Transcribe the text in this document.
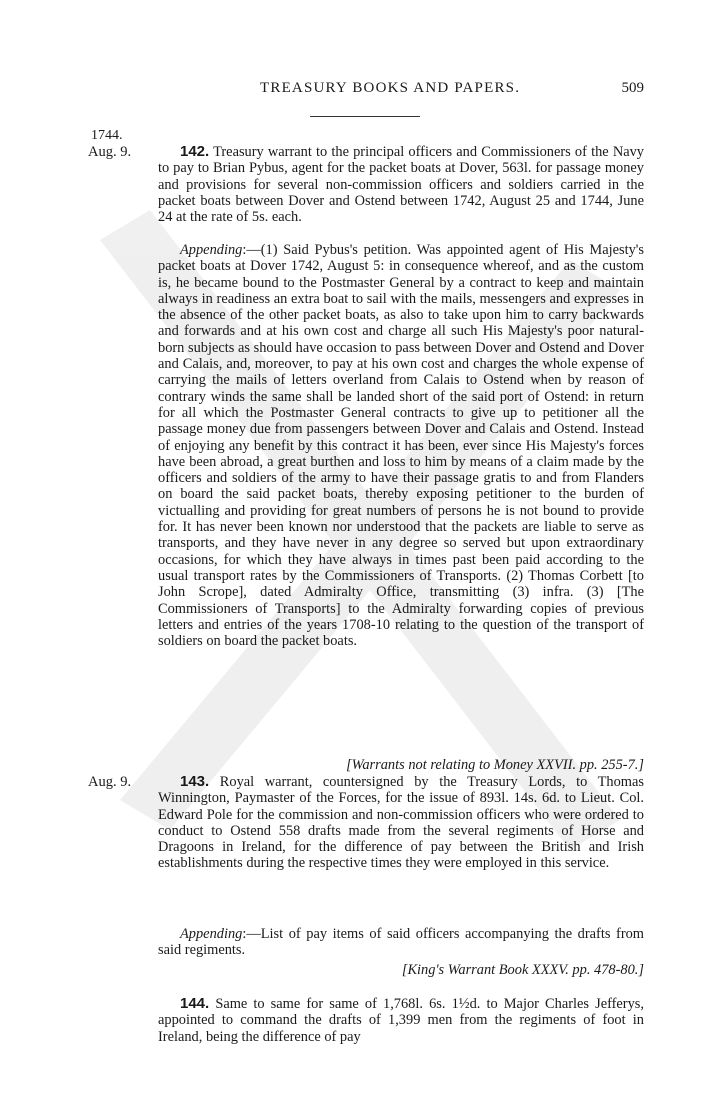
TREASURY BOOKS AND PAPERS.	509
1744.
Aug. 9.	142. Treasury warrant to the principal officers and Commissioners of the Navy to pay to Brian Pybus, agent for the packet boats at Dover, 563l. for passage money and provisions for several non-commission officers and soldiers carried in the packet boats between Dover and Ostend between 1742, August 25 and 1744, June 24 at the rate of 5s. each.

Appending:—(1) Said Pybus's petition. Was appointed agent of His Majesty's packet boats at Dover 1742, August 5: in consequence whereof, and as the custom is, he became bound to the Postmaster General by a contract to keep and maintain always in readiness an extra boat to sail with the mails, messengers and expresses in the absence of the other packet boats, as also to take upon him to carry backwards and forwards and at his own cost and charge all such His Majesty's poor natural-born subjects as should have occasion to pass between Dover and Ostend and Dover and Calais, and, moreover, to pay at his own cost and charges the whole expense of carrying the mails of letters overland from Calais to Ostend when by reason of contrary winds the same shall be landed short of the said port of Ostend: in return for all which the Postmaster General contracts to give up to petitioner all the passage money due from passengers between Dover and Calais and Ostend. Instead of enjoying any benefit by this contract it has been, ever since His Majesty's forces have been abroad, a great burthen and loss to him by means of a claim made by the officers and soldiers of the army to have their passage gratis to and from Flanders on board the said packet boats, thereby exposing petitioner to the burden of victualling and providing for great numbers of persons he is not bound to provide for. It has never been known nor understood that the packets are liable to serve as transports, and they have never in any degree so served but upon extraordinary occasions, for which they have always in times past been paid according to the usual transport rates by the Commissioners of Transports. (2) Thomas Corbett [to John Scrope], dated Admiralty Office, transmitting (3) infra. (3) [The Commissioners of Transports] to the Admiralty forwarding copies of previous letters and entries of the years 1708-10 relating to the question of the transport of soldiers on board the packet boats.

[Warrants not relating to Money XXVII. pp. 255-7.]
Aug. 9.	143. Royal warrant, countersigned by the Treasury Lords, to Thomas Winnington, Paymaster of the Forces, for the issue of 893l. 14s. 6d. to Lieut. Col. Edward Pole for the commission and non-commission officers who were ordered to conduct to Ostend 558 drafts made from the several regiments of Horse and Dragoons in Ireland, for the difference of pay between the British and Irish establishments during the respective times they were employed in this service.

Appending:—List of pay items of said officers accompanying the drafts from said regiments.

[King's Warrant Book XXXV. pp. 478-80.]

144. Same to same for same of 1,768l. 6s. 1½d. to Major Charles Jefferys, appointed to command the drafts of 1,399 men from the regiments of foot in Ireland, being the difference of pay
